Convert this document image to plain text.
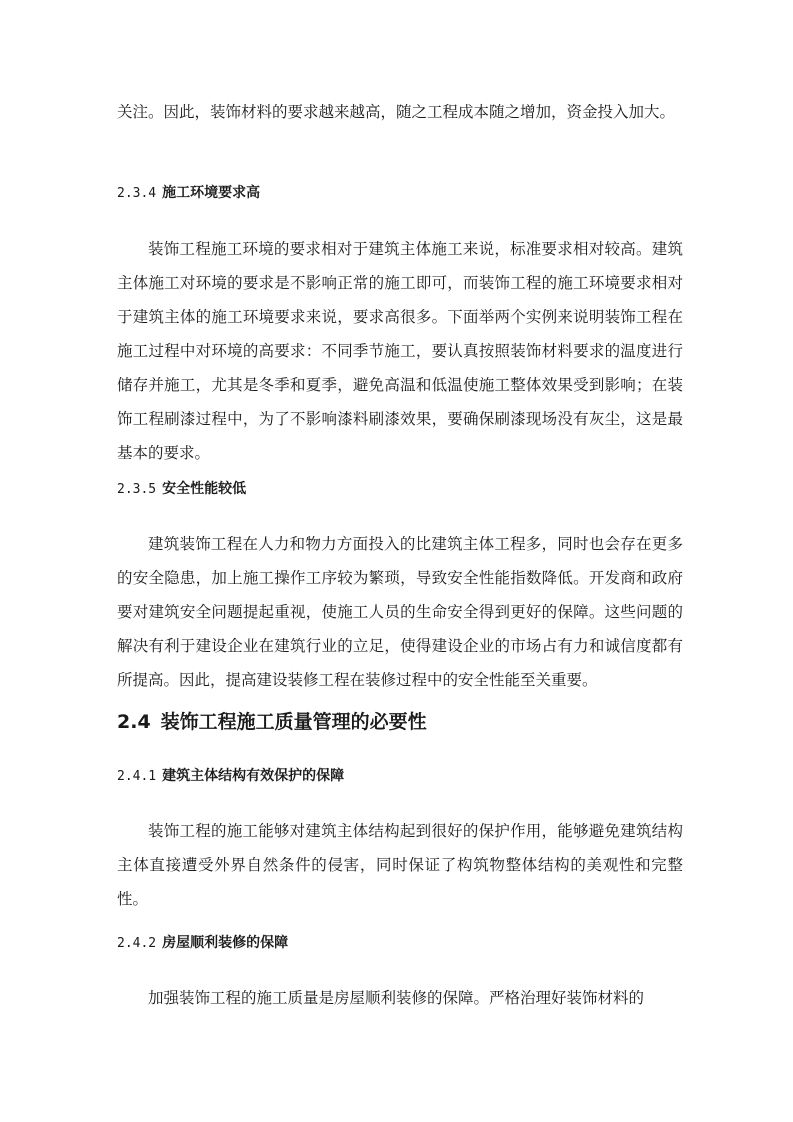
关注。因此，装饰材料的要求越来越高，随之工程成本随之增加，资金投入加大。

2.3.4 施工环境要求高

装饰工程施工环境的要求相对于建筑主体施工来说，标准要求相对较高。建筑主体施工对环境的要求是不影响正常的施工即可，而装饰工程的施工环境要求相对于建筑主体的施工环境要求来说，要求高很多。下面举两个实例来说明装饰工程在施工过程中对环境的高要求：不同季节施工，要认真按照装饰材料要求的温度进行储存并施工，尤其是冬季和夏季，避免高温和低温使施工整体效果受到影响；在装饰工程刷漆过程中，为了不影响漆料刷漆效果，要确保刷漆现场没有灰尘，这是最基本的要求。

2.3.5 安全性能较低

建筑装饰工程在人力和物力方面投入的比建筑主体工程多，同时也会存在更多的安全隐患，加上施工操作工序较为繁琐，导致安全性能指数降低。开发商和政府要对建筑安全问题提起重视，使施工人员的生命安全得到更好的保障。这些问题的解决有利于建设企业在建筑行业的立足，使得建设企业的市场占有力和诚信度都有所提高。因此，提高建设装修工程在装修过程中的安全性能至关重要。

2.4 装饰工程施工质量管理的必要性
2.4.1 建筑主体结构有效保护的保障

装饰工程的施工能够对建筑主体结构起到很好的保护作用，能够避免建筑结构主体直接遭受外界自然条件的侵害，同时保证了构筑物整体结构的美观性和完整性。

2.4.2 房屋顺利装修的保障

加强装饰工程的施工质量是房屋顺利装修的保障。严格治理好装饰材料的
